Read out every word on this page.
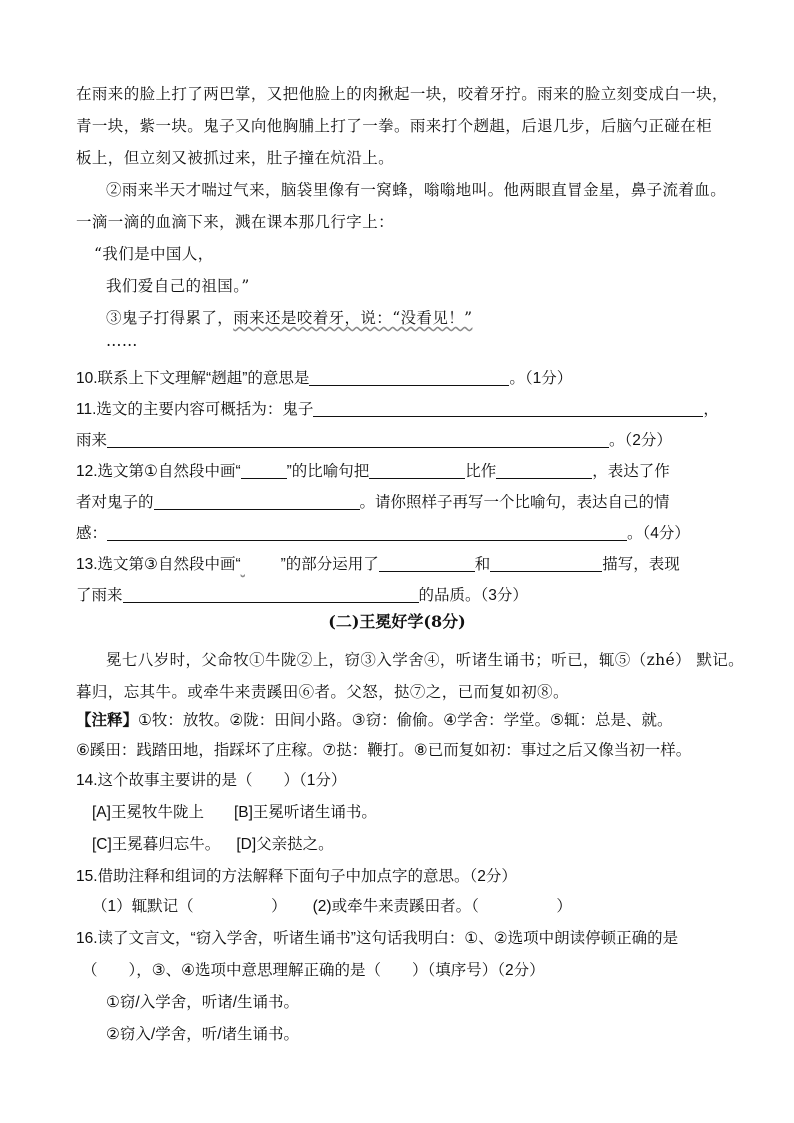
在雨来的脸上打了两巴掌，又把他脸上的肉揪起一块，咬着牙拧。雨来的脸立刻变成白一块，
青一块，紫一块。鬼子又向他胸脯上打了一拳。雨来打个趔趄，后退几步，后脑勺正碰在柜
板上，但立刻又被抓过来，肚子撞在炕沿上。
②雨来半天才喘过气来，脑袋里像有一窝蜂，嗡嗡地叫。他两眼直冒金星，鼻子流着血。
一滴一滴的血滴下来，溅在课本那几行字上：
“我们是中国人，
我们爱自己的祖国。”
③鬼子打得累了，雨来还是咬着牙，说：“没看见！”
……
10.联系上下文理解“趔趄”的意思是	。（1分）
11.选文的主要内容可概括为：鬼子	，
雨来	。（2分）
12.选文第①自然段中画“	”的比喻句把	比作	，表达了作
者对鬼子的	。请你照样子再写一个比喻句，表达自己的情
感：	。（4分）
13.选文第③自然段中画“	”的部分运用了	和	描写，表现
了雨来	的品质。（3分）
(二)王冕好学(8分)
冕七八岁时，父命牧①牛陇②上，窃③入学舍④，听诸生诵书；听已，辄⑤（zhé） 默记。
暮归，忘其牛。或牵牛来责蹊田⑥者。父怒，挞⑦之，已而复如初⑧。
【注释】①牧：放牧。②陇：田间小路。③窃：偷偷。④学舍：学堂。⑤辄：总是、就。
⑥蹊田：践踏田地，指踩坏了庄稼。⑦挞：鞭打。⑧已而复如初：事过之后又像当初一样。
14.这个故事主要讲的是（　　）（1分）
[A]王冕牧牛陇上 [B]王冕听诸生诵书。
[C]王冕暮归忘牛。 [D]父亲挞之。
15.借助注释和组词的方法解释下面句子中加点字的意思。（2分）
（1）辄默记（　　　　　） (2)或牵牛来责蹊田者。（　　　　　）
16.读了文言文，“窃入学舍，听诸生诵书”这句话我明白：①、②选项中朗读停顿正确的是
（　　），③、④选项中意思理解正确的是（　　）（填序号）（2分）
①窃/入学舍，听诸/生诵书。
②窃入/学舍，听/诸生诵书。
